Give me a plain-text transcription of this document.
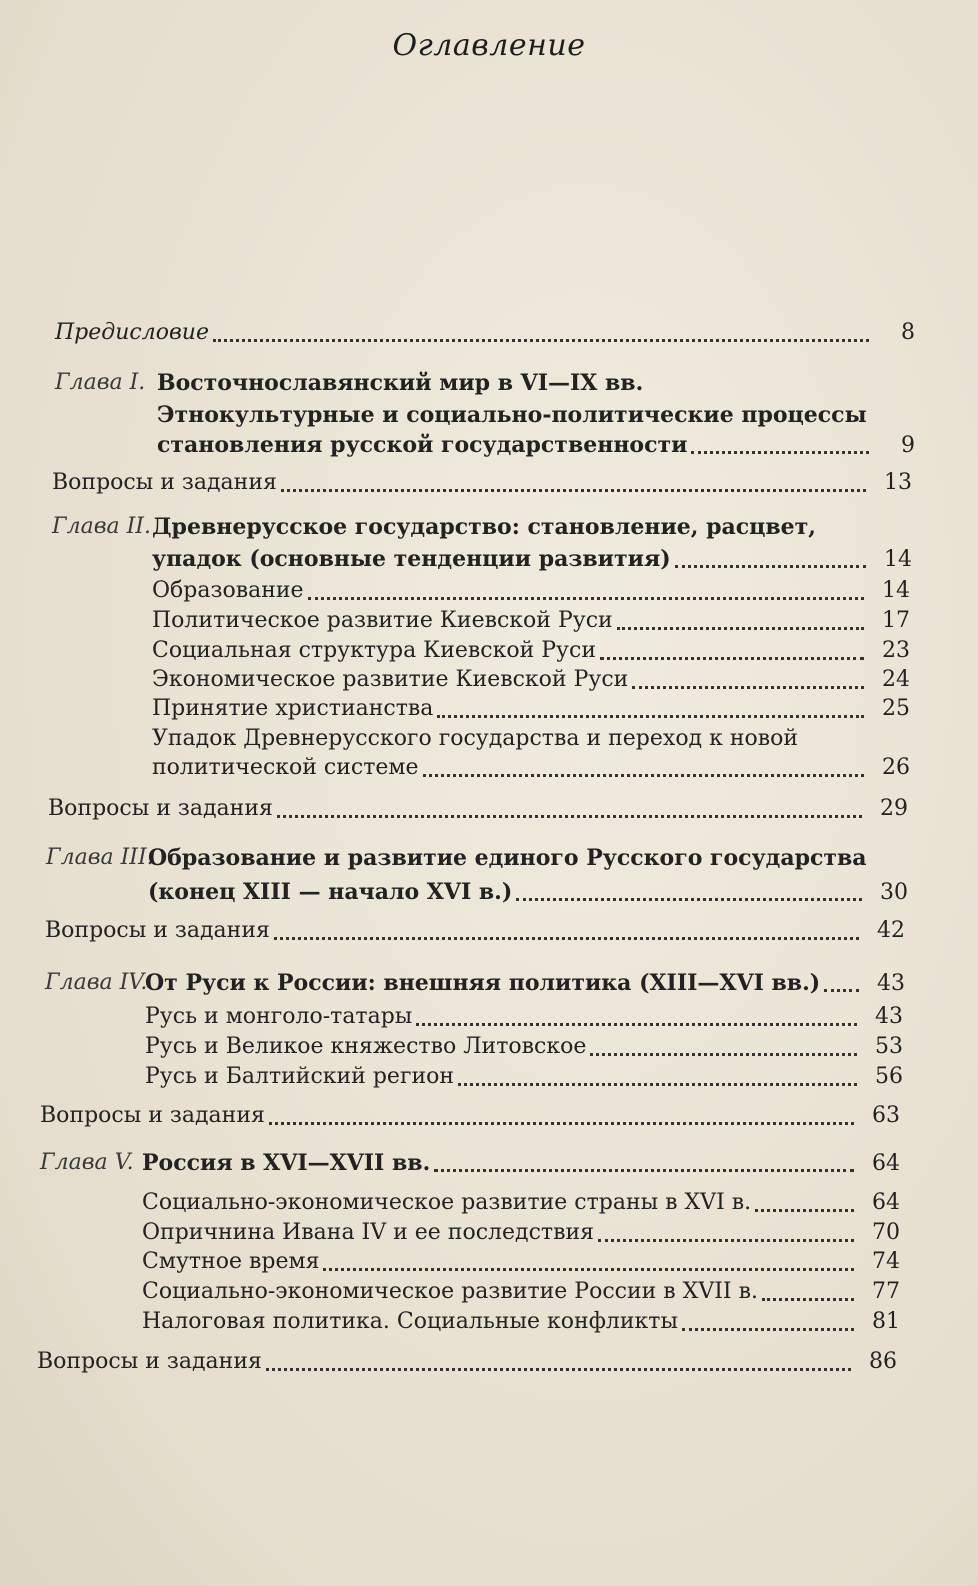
Оглавление
Предисловие	8
Глава I. Восточнославянский мир в VI—IX вв.
Этнокультурные и социально-политические процессы
становления русской государственности	9
Вопросы и задания	13
Глава II. Древнерусское государство: становление, расцвет,
упадок (основные тенденции развития)	14
Образование	14
Политическое развитие Киевской Руси	17
Социальная структура Киевской Руси	23
Экономическое развитие Киевской Руси	24
Принятие христианства	25
Упадок Древнерусского государства и переход к новой
политической системе	26
Вопросы и задания	29
Глава III.
Образование и развитие единого Русского государства
(конец XIII — начало XVI в.)	30
Вопросы и задания	42
Глава IV.
От Руси к России: внешняя политика (XIII—XVI вв.)	43
Русь и монголо-татары	43
Русь и Великое княжество Литовское	53
Русь и Балтийский регион	56
Вопросы и задания	63
Глава V. Россия в XVI—XVII вв.	64
Социально-экономическое развитие страны в XVI в.	64
Опричнина Ивана IV и ее последствия	70
Смутное время	74
Социально-экономическое развитие России в XVII в.	77
Налоговая политика. Социальные конфликты	81
Вопросы и задания	86
